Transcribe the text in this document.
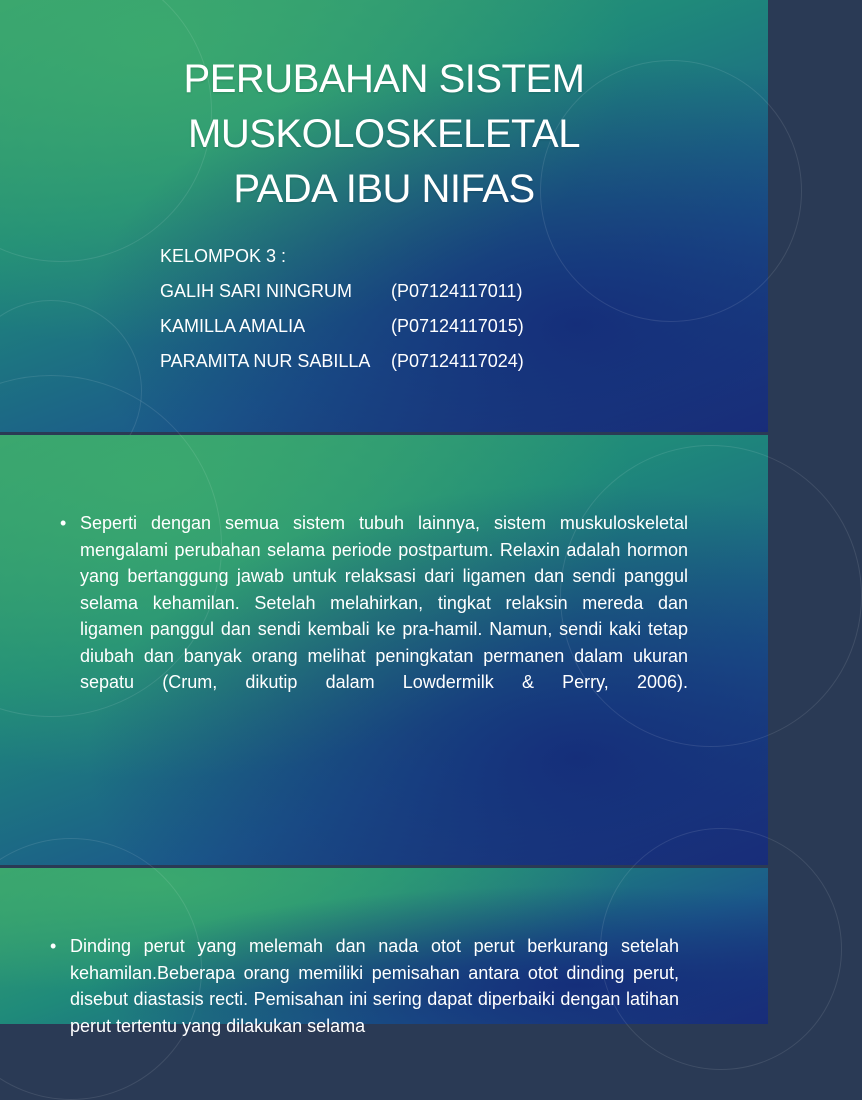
PERUBAHAN SISTEM
MUSKOLOSKELETAL
PADA IBU NIFAS
KELOMPOK 3 :
GALIH SARI NINGRUM (P07124117011)
KAMILLA AMALIA	(P07124117015)
PARAMITA NUR SABILLA (P07124117024)
• Seperti dengan semua sistem tubuh lainnya, sistem muskuloskeletal mengalami perubahan selama periode postpartum. Relaxin adalah hormon yang bertanggung jawab untuk relaksasi dari ligamen dan sendi panggul selama kehamilan. Setelah melahirkan, tingkat relaksin mereda dan ligamen panggul dan sendi kembali ke pra-hamil. Namun, sendi kaki tetap diubah dan banyak orang melihat peningkatan permanen dalam ukuran sepatu (Crum, dikutip dalam Lowdermilk & Perry, 2006).
• Dinding perut yang melemah dan nada otot perut berkurang setelah kehamilan.Beberapa orang memiliki pemisahan antara otot dinding perut, disebut diastasis recti. Pemisahan ini sering dapat diperbaiki dengan latihan perut tertentu yang dilakukan selama
